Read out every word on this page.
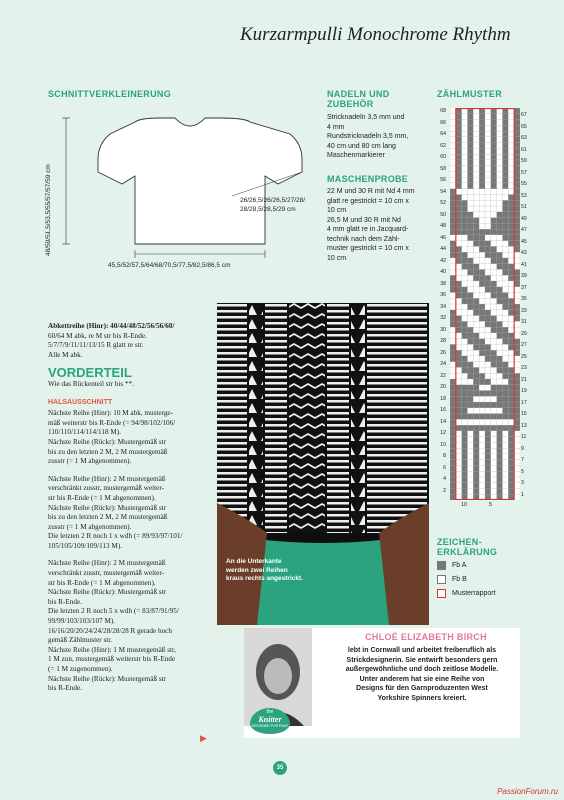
Kurzarmpulli Monochrome Rhythm
SCHNITTVERKLEINERUNG
48/50/51,5/53,5/55/57/57/59 cm
45,5/52/57,5/64/68/70,5/77,5/82,5/86,5 cm
26/26,5/26/26,5/27/28/
28/28,5/28,5/29 cm
NADELN UND
ZUBEHÖR
Stricknadeln 3,5 mm und
4 mm
Rundstricknadeln 3,5 mm,
40 cm und 80 cm lang
Maschenmarkierer
MASCHENPROBE
22 M und 30 R mit Nd 4 mm
glatt re gestrickt = 10 cm x
10 cm
26,5 M und 30 R mit Nd
4 mm glatt re in Jacquard-
technik nach dem Zähl-
muster gestrickt = 10 cm x
10 cm
ZÄHLMUSTER
68
66
64
62
60
58
56
54
52
50
48
46
44
42
40
38
36
34
32
30
28
26
24
22
20
18
16
14
12
10
8
6
4
2
67
65
63
61
59
57
55
53
51
49
47
45
43
41
39
37
35
33
31
29
27
25
23
21
19
17
15
13
11
9
7
5
3
1
10	5
ZEICHEN-
ERKLÄRUNG
Fb A
Fb B
Musterrapport

Abkettreihe (Hinr): 40/44/48/52/56/56/60/

60/64 M abk, re M str bis R-Ende.

5/7/7/9/11/11/13/15 R glatt re str.

Alle M abk.

VORDERTEIL

Wie das Rückenteil str bis **.

HALSAUSSCHNITT

Nächste Reihe (Hinr): 10 M abk, musterge-

mäß weiterstr bis R-Ende (= 94/98/102/106/

110/110/114/114/118 M).

Nächste Reihe (Rückr): Mustergemäß str

bis zu den letzten 2 M, 2 M mustergemäß

zusstr (= 1 M abgenommen).

Nächste Reihe (Hinr): 2 M mustergemäß

verschränkt zusstr, mustergemäß weiter-

str bis R-Ende (= 1 M abgenommen).

Nächste Reihe (Rückr): Mustergemäß str

bis zu den letzten 2 M, 2 M mustergemäß

zusstr (= 1 M abgenommen).

Die letzten 2 R noch 1 x wdh (= 89/93/97/101/

105/105/109/109/113 M).

Nächste Reihe (Hinr): 2 M mustergemäß

verschränkt zusstr, mustergemäß weiter-

str bis R-Ende (= 1 M abgenommen).

Nächste Reihe (Rückr): Mustergemäß str

bis R-Ende.

Die letzten 2 R noch 5 x wdh (= 83/87/91/95/

99/99/103/103/107 M).

16/16/20/20/24/24/28/28/28 R gerade hoch

gemäß Zählmuster str.

Nächste Reihe (Hinr): 1 M mustergemäß str,

1 M zun, mustergemäß weiterstr bis R-Ende

(= 1 M zugenommen).

Nächste Reihe (Rückr): Mustergemäß str

bis R-Ende.

▶
An die Unterkante
werden zwei Reihen
kraus rechts angestrickt.
the
Knitter
DESIGNER PORTRAIT
CHLOÉ ELIZABETH BIRCH
lebt in Cornwall und arbeitet freiberuflich als
Strickdesignerin. Sie entwirft besonders gern
außergewöhnliche und doch zeitlose Modelle.
Unter anderem hat sie eine Reihe von
Designs für den Garnproduzenten West
Yorkshire Spinners kreiert.
35
PassionForum.ru
